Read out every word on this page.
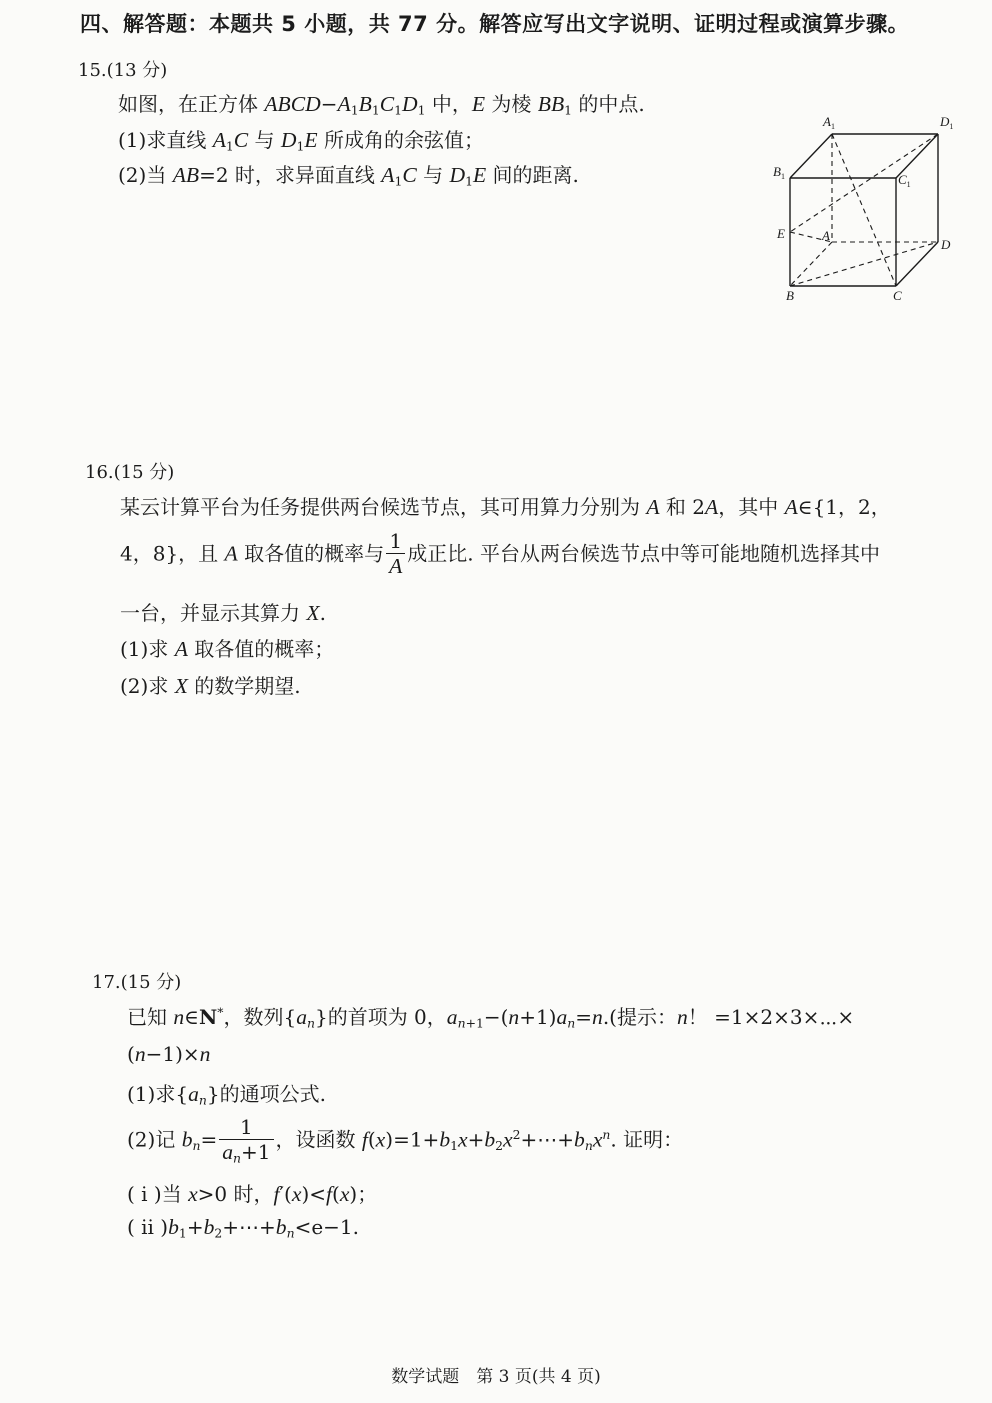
四、解答题：本题共 5 小题，共 77 分。解答应写出文字说明、证明过程或演算步骤。
15.(13 分)
如图，在正方体 $ABCD-A_1B_1C_1D_1$ 中，E 为棱 $BB_1$ 的中点.
(1)求直线 $A_1C$ 与 $D_1E$ 所成角的余弦值；
(2)当 AB=2 时，求异面直线 $A_1C$ 与 $D_1E$ 间的距离.
$A_1$	$D_1$
$B_1$	$C_1$
E	A
D
B	C
16.(15 分)
某云计算平台为任务提供两台候选节点，其可用算力分别为 A 和 2A，其中 A∈{1，2，
4，8}，且 A 取各值的概率与 $\frac{1}{A}$ 成正比. 平台从两台候选节点中等可能地随机选择其中
一台，并显示其算力 X.
(1)求 A 取各值的概率；
(2)求 X 的数学期望.
17.(15 分)
已知 n∈N*，数列$\{a_n\}$的首项为 0，$a_{n+1}-(n+1)a_n=n$.(提示：n！ =1×2×3×⋯×
(n−1)×n
(1)求$\{a_n\}$的通项公式.
(2)记 $b_n= \frac{1}{a_n+1}$ ，设函数 $f(x)=1+b_1x+b_2x^2+\cdots+b_nx^n$. 证明：
( ⅰ )当 x>0 时，f′(x)<f(x)；
( ⅱ )$b_1+b_2+\cdots+b_n<e-1$.
数学试题　第 3 页(共 4 页)
